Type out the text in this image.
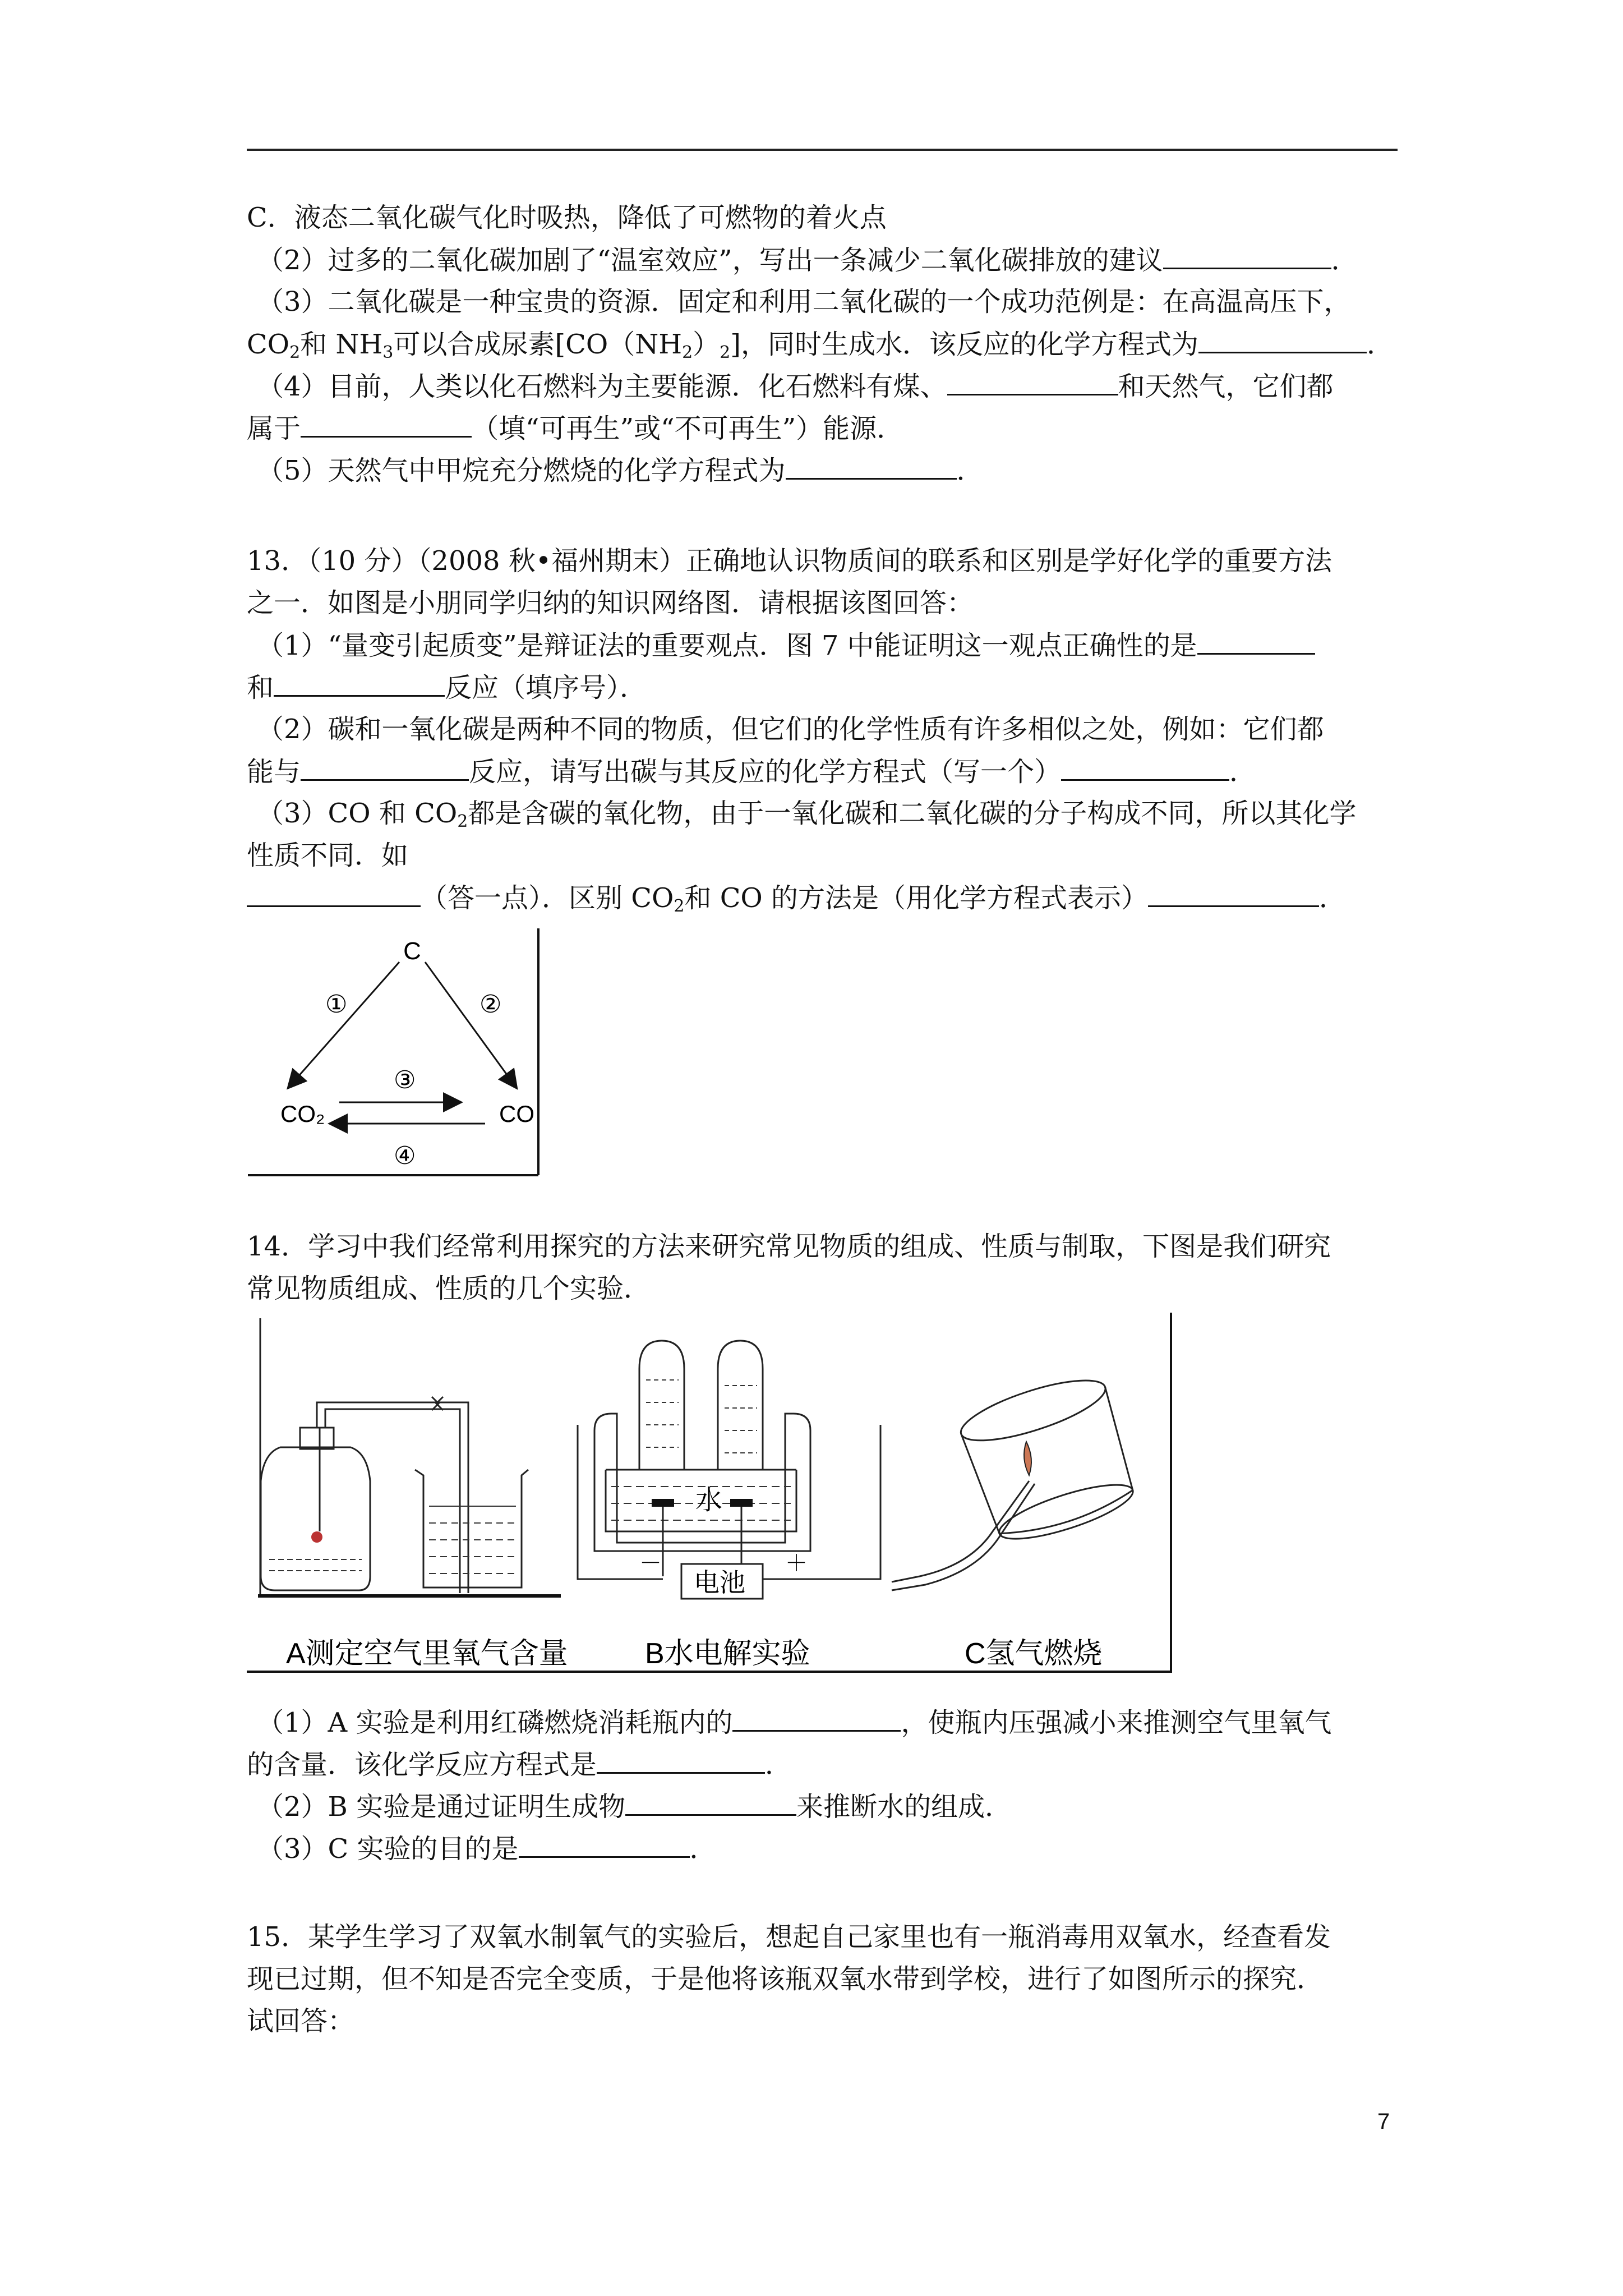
C．液态二氧化碳气化时吸热，降低了可燃物的着火点
（2）过多的二氧化碳加剧了“温室效应”，写出一条减少二氧化碳排放的建议	．
（3）二氧化碳是一种宝贵的资源．固定和利用二氧化碳的一个成功范例是：在高温高压下，
$CO_2$和 $NH_3$可以合成尿素$[CO(NH_2)_2]$，同时生成水．该反应的化学方程式为	．
（4）目前，人类以化石燃料为主要能源．化石燃料有煤、	和天然气，它们都
属于	（填“可再生”或“不可再生”）能源．
（5）天然气中甲烷充分燃烧的化学方程式为	．
13．（10 分）（2008 秋•福州期末）正确地认识物质间的联系和区别是学好化学的重要方法
之一．如图是小朋同学归纳的知识网络图．请根据该图回答：
（1）“量变引起质变”是辩证法的重要观点．图 7 中能证明这一观点正确性的是
和	反应（填序号）．
（2）碳和一氧化碳是两种不同的物质，但它们的化学性质有许多相似之处，例如：它们都
能与	反应，请写出碳与其反应的化学方程式（写一个）	．
（3）CO 和 $CO_2$都是含碳的氧化物，由于一氧化碳和二氧化碳的分子构成不同，所以其化学
性质不同．如
（答一点）．区别 $CO_2$和 CO 的方法是（用化学方程式表示）	．
C
CO₂	CO
①	②
③
④
14．学习中我们经常利用探究的方法来研究常见物质的组成、性质与制取，下图是我们研究
常见物质组成、性质的几个实验．
A测定空气里氧气含量
水
电池
－	＋
B水电解实验	C氢气燃烧
（1）A 实验是利用红磷燃烧消耗瓶内的	，使瓶内压强减小来推测空气里氧气
的含量．该化学反应方程式是	．
（2）B 实验是通过证明生成物	来推断水的组成．
（3）C 实验的目的是	．
15．某学生学习了双氧水制氧气的实验后，想起自己家里也有一瓶消毒用双氧水，经查看发
现已过期，但不知是否完全变质，于是他将该瓶双氧水带到学校，进行了如图所示的探究．
试回答：
7
